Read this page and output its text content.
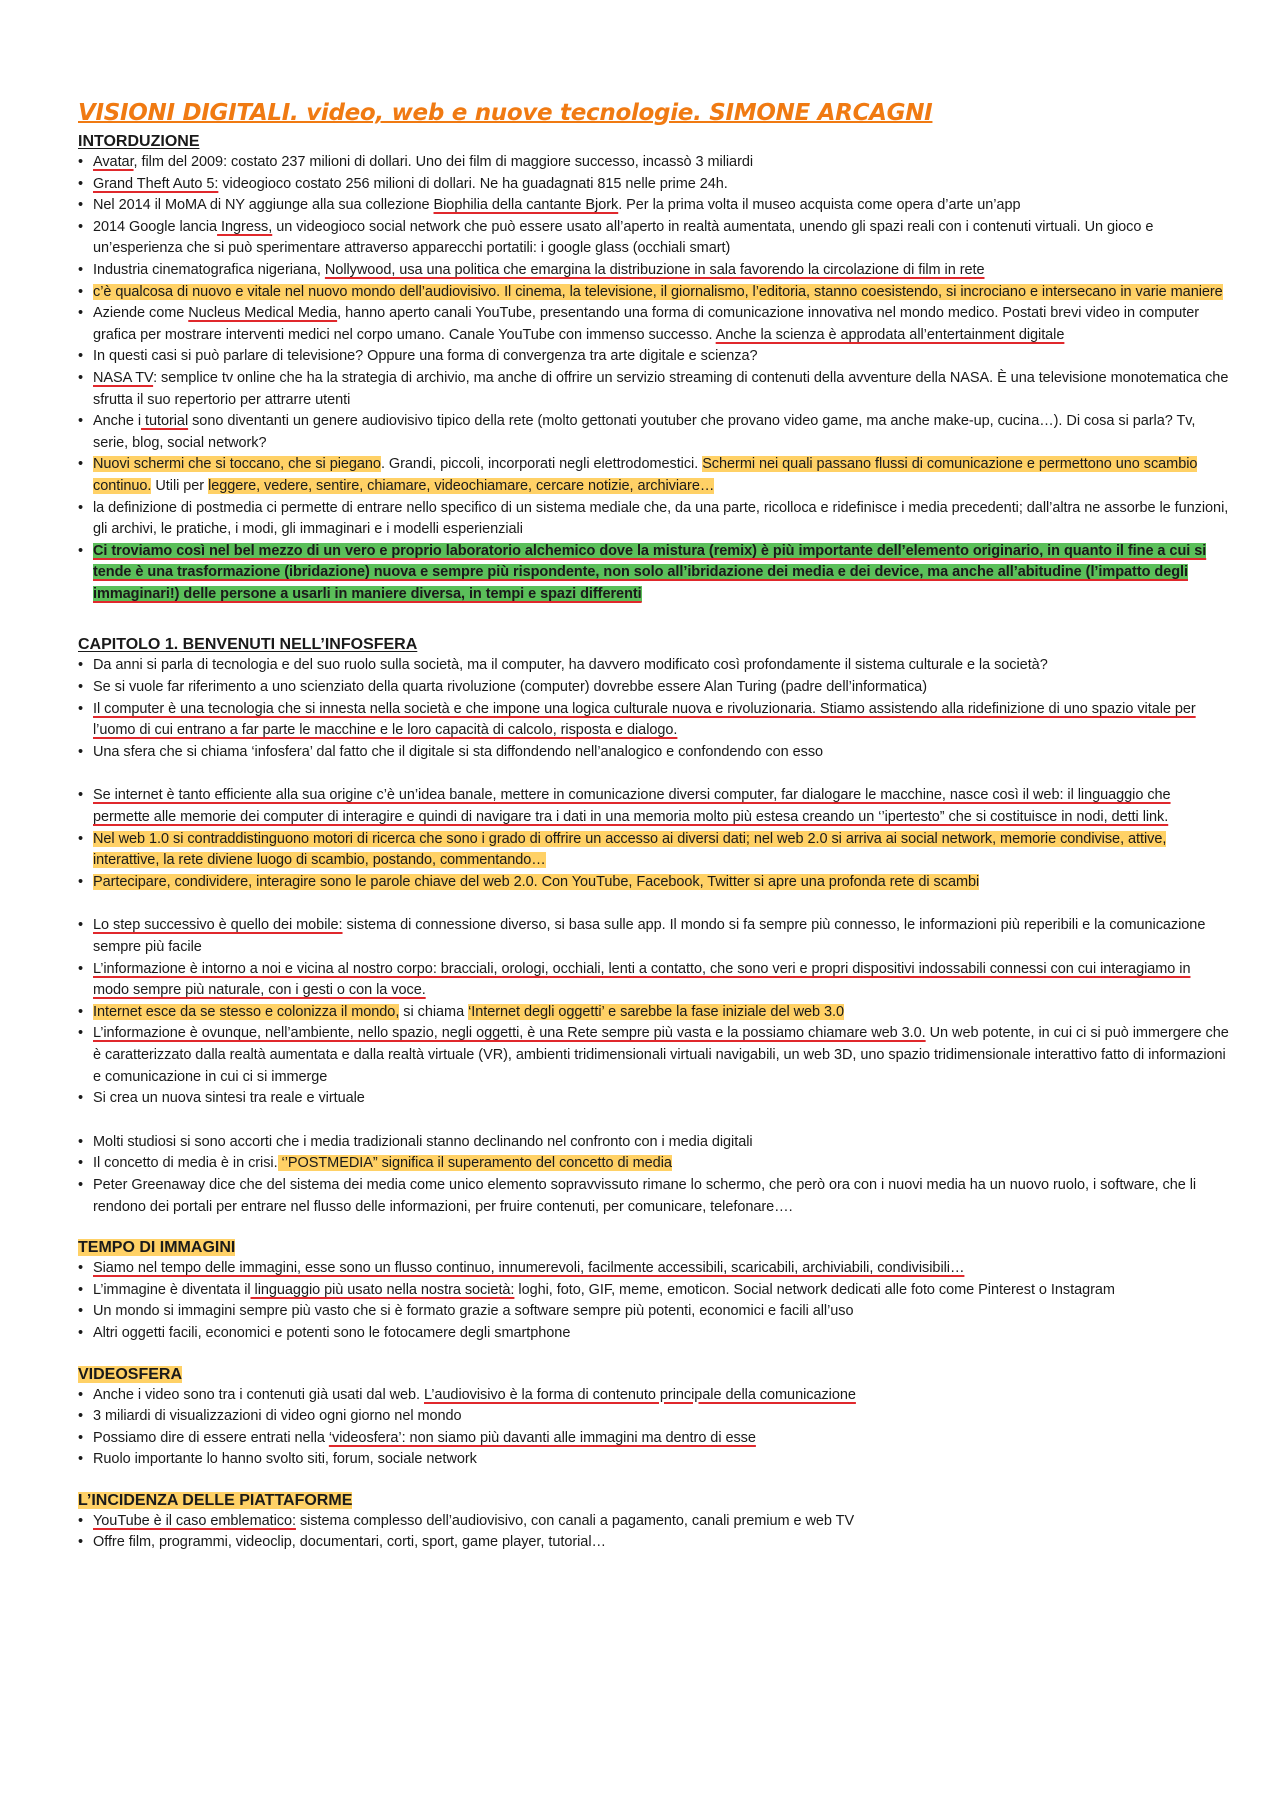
VISIONI DIGITALI. video, web e nuove tecnologie. SIMONE ARCAGNI
INTORDUZIONE
• Avatar, film del 2009: costato 237 milioni di dollari. Uno dei film di maggiore successo, incassò 3 miliardi
• Grand Theft Auto 5: videogioco costato 256 milioni di dollari. Ne ha guadagnati 815 nelle prime 24h.
• Nel 2014 il MoMA di NY aggiunge alla sua collezione Biophilia della cantante Bjork. Per la prima volta il museo acquista come opera d’arte un’app
• 2014 Google lancia Ingress, un videogioco social network che può essere usato all’aperto in realtà aumentata, unendo gli spazi reali con i contenuti virtuali. Un gioco e un’esperienza che si può sperimentare attraverso apparecchi portatili: i google glass (occhiali smart)
• Industria cinematografica nigeriana, Nollywood, usa una politica che emargina la distribuzione in sala favorendo la circolazione di film in rete
• c’è qualcosa di nuovo e vitale nel nuovo mondo dell’audiovisivo. Il cinema, la televisione, il giornalismo, l’editoria, stanno coesistendo, si incrociano e intersecano in varie maniere
• Aziende come Nucleus Medical Media, hanno aperto canali YouTube, presentando una forma di comunicazione innovativa nel mondo medico. Postati brevi video in computer grafica per mostrare interventi medici nel corpo umano. Canale YouTube con immenso successo. Anche la scienza è approdata all’entertainment digitale
• In questi casi si può parlare di televisione? Oppure una forma di convergenza tra arte digitale e scienza?
• NASA TV: semplice tv online che ha la strategia di archivio, ma anche di offrire un servizio streaming di contenuti della avventure della NASA. È una televisione monotematica che sfrutta il suo repertorio per attrarre utenti
• Anche i tutorial sono diventanti un genere audiovisivo tipico della rete (molto gettonati youtuber che provano video game, ma anche make-up, cucina…). Di cosa si parla? Tv, serie, blog, social network?
• Nuovi schermi che si toccano, che si piegano. Grandi, piccoli, incorporati negli elettrodomestici. Schermi nei quali passano flussi di comunicazione e permettono uno scambio continuo. Utili per leggere, vedere, sentire, chiamare, videochiamare, cercare notizie, archiviare…
• la definizione di postmedia ci permette di entrare nello specifico di un sistema mediale che, da una parte, ricolloca e ridefinisce i media precedenti; dall’altra ne assorbe le funzioni, gli archivi, le pratiche, i modi, gli immaginari e i modelli esperienziali
• Ci troviamo così nel bel mezzo di un vero e proprio laboratorio alchemico dove la mistura (remix) è più importante dell’elemento originario, in quanto il fine a cui si tende è una trasformazione (ibridazione) nuova e sempre più rispondente, non solo all’ibridazione dei media e dei device, ma anche all’abitudine (l’impatto degli immaginari!) delle persone a usarli in maniere diversa, in tempi e spazi differenti
CAPITOLO 1. BENVENUTI NELL’INFOSFERA
• Da anni si parla di tecnologia e del suo ruolo sulla società, ma il computer, ha davvero modificato così profondamente il sistema culturale e la società?
• Se si vuole far riferimento a uno scienziato della quarta rivoluzione (computer) dovrebbe essere Alan Turing (padre dell’informatica)
• Il computer è una tecnologia che si innesta nella società e che impone una logica culturale nuova e rivoluzionaria. Stiamo assistendo alla ridefinizione di uno spazio vitale per l’uomo di cui entrano a far parte le macchine e le loro capacità di calcolo, risposta e dialogo.
• Una sfera che si chiama ‘infosfera’ dal fatto che il digitale si sta diffondendo nell’analogico e confondendo con esso
• Se internet è tanto efficiente alla sua origine c’è un’idea banale, mettere in comunicazione diversi computer, far dialogare le macchine, nasce così il web: il linguaggio che permette alle memorie dei computer di interagire e quindi di navigare tra i dati in una memoria molto più estesa creando un ‘’ipertesto” che si costituisce in nodi, detti link.
• Nel web 1.0 si contraddistinguono motori di ricerca che sono i grado di offrire un accesso ai diversi dati; nel web 2.0 si arriva ai social network, memorie condivise, attive, interattive, la rete diviene luogo di scambio, postando, commentando…
• Partecipare, condividere, interagire sono le parole chiave del web 2.0. Con YouTube, Facebook, Twitter si apre una profonda rete di scambi
• Lo step successivo è quello dei mobile: sistema di connessione diverso, si basa sulle app. Il mondo si fa sempre più connesso, le informazioni più reperibili e la comunicazione sempre più facile
• L’informazione è intorno a noi e vicina al nostro corpo: bracciali, orologi, occhiali, lenti a contatto, che sono veri e propri dispositivi indossabili connessi con cui interagiamo in modo sempre più naturale, con i gesti o con la voce.
• Internet esce da se stesso e colonizza il mondo, si chiama ‘Internet degli oggetti’ e sarebbe la fase iniziale del web 3.0
• L’informazione è ovunque, nell’ambiente, nello spazio, negli oggetti, è una Rete sempre più vasta e la possiamo chiamare web 3.0. Un web potente, in cui ci si può immergere che è caratterizzato dalla realtà aumentata e dalla realtà virtuale (VR), ambienti tridimensionali virtuali navigabili, un web 3D, uno spazio tridimensionale interattivo fatto di informazioni e comunicazione in cui ci si immerge
• Si crea un nuova sintesi tra reale e virtuale
• Molti studiosi si sono accorti che i media tradizionali stanno declinando nel confronto con i media digitali
• Il concetto di media è in crisi. ‘’POSTMEDIA” significa il superamento del concetto di media
• Peter Greenaway dice che del sistema dei media come unico elemento sopravvissuto rimane lo schermo, che però ora con i nuovi media ha un nuovo ruolo, i software, che li rendono dei portali per entrare nel flusso delle informazioni, per fruire contenuti, per comunicare, telefonare….
TEMPO DI IMMAGINI
• Siamo nel tempo delle immagini, esse sono un flusso continuo, innumerevoli, facilmente accessibili, scaricabili, archiviabili, condivisibili…
• L’immagine è diventata il linguaggio più usato nella nostra società: loghi, foto, GIF, meme, emoticon. Social network dedicati alle foto come Pinterest o Instagram
• Un mondo si immagini sempre più vasto che si è formato grazie a software sempre più potenti, economici e facili all’uso
• Altri oggetti facili, economici e potenti sono le fotocamere degli smartphone
VIDEOSFERA
• Anche i video sono tra i contenuti già usati dal web. L’audiovisivo è la forma di contenuto principale della comunicazione
• 3 miliardi di visualizzazioni di video ogni giorno nel mondo
• Possiamo dire di essere entrati nella ‘videosfera’: non siamo più davanti alle immagini ma dentro di esse
• Ruolo importante lo hanno svolto siti, forum, sociale network
L’INCIDENZA DELLE PIATTAFORME
• YouTube è il caso emblematico: sistema complesso dell’audiovisivo, con canali a pagamento, canali premium e web TV
• Offre film, programmi, videoclip, documentari, corti, sport, game player, tutorial…
